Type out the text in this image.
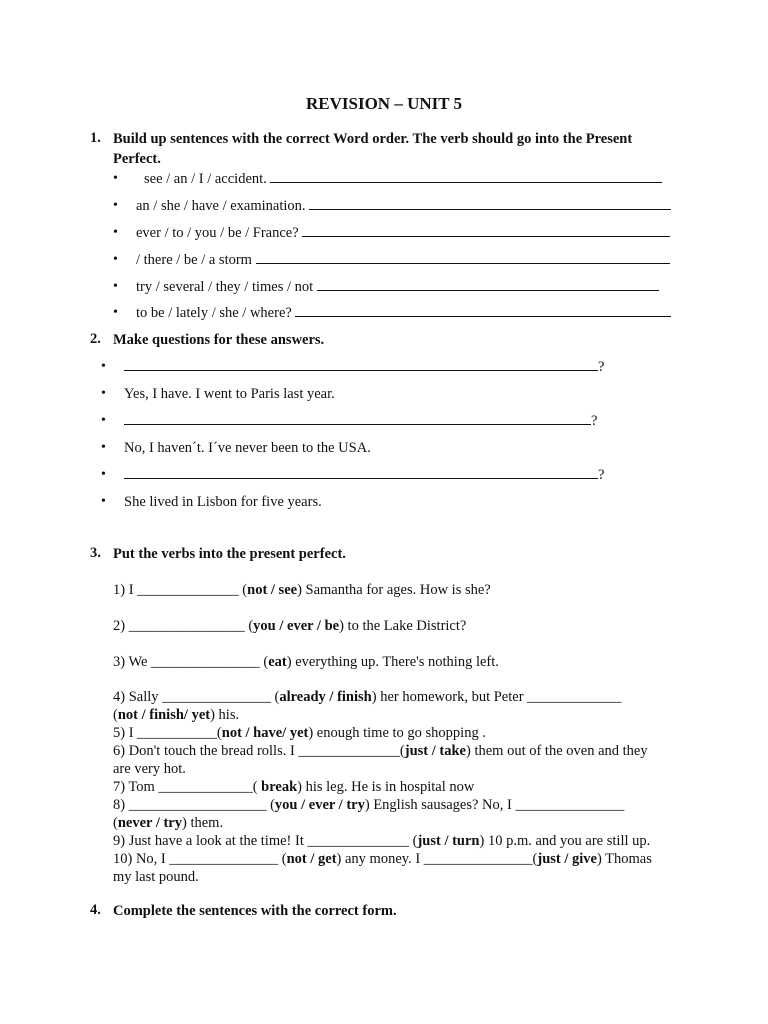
REVISION – UNIT 5
1. Build up sentences with the correct Word order. The verb should go into the Present
Perfect.
• see / an / I / accident.
• an / she / have / examination.
• ever / to / you / be / France?
• / there / be / a storm
• try / several / they / times / not
• to be / lately / she / where?
2. Make questions for these answers.
•	?
• Yes, I have. I went to Paris last year.
•	?
• No, I haven´t. I´ve never been to the USA.
•	?
• She lived in Lisbon for five years.
3. Put the verbs into the present perfect.
1) I ______________ (not / see) Samantha for ages. How is she?
2) ________________ (you / ever / be) to the Lake District?
3) We _______________ (eat) everything up. There's nothing left.
4) Sally _______________ (already / finish) her homework, but Peter _____________
(not / finish/ yet) his.
5) I ___________(not / have/ yet) enough time to go shopping .
6) Don't touch the bread rolls. I ______________(just / take) them out of the oven and they
are very hot.
7) Tom _____________( break) his leg. He is in hospital now
8) ___________________ (you / ever / try) English sausages? No, I _______________
(never / try) them.
9) Just have a look at the time! It ______________ (just / turn) 10 p.m. and you are still up.
10) No, I _______________ (not / get) any money. I _______________(just / give) Thomas
my last pound.
4. Complete the sentences with the correct form.
